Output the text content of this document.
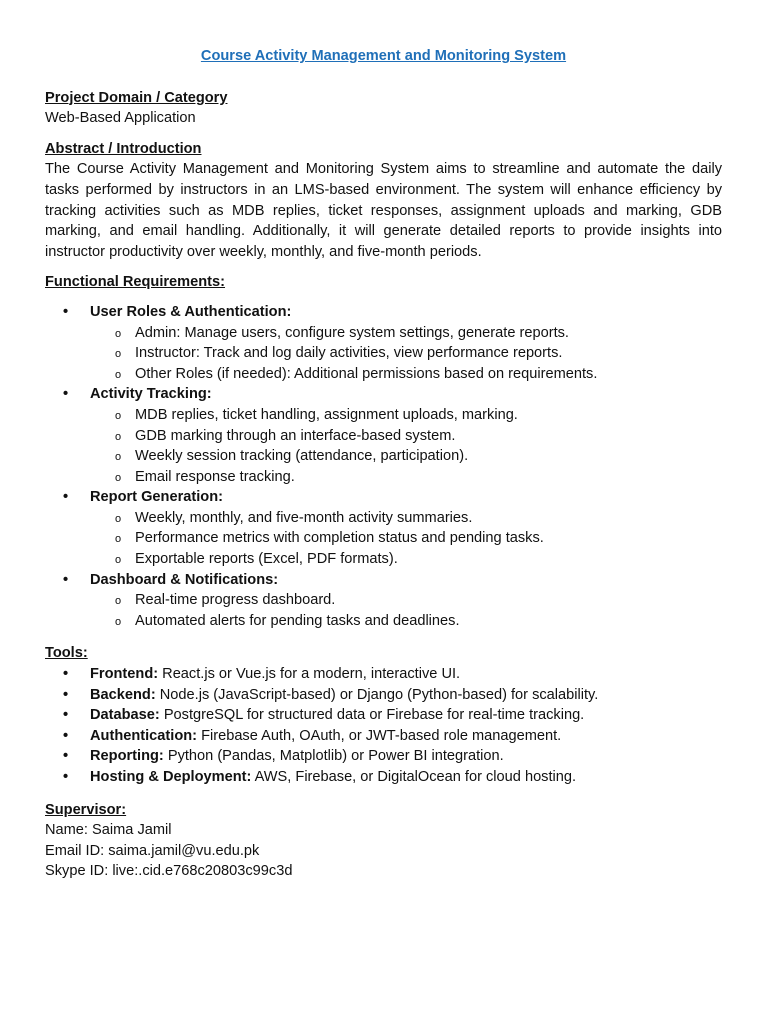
Course Activity Management and Monitoring System
Project Domain / Category
Web-Based Application
Abstract / Introduction
The Course Activity Management and Monitoring System aims to streamline and automate the daily tasks performed by instructors in an LMS-based environment. The system will enhance efficiency by tracking activities such as MDB replies, ticket responses, assignment uploads and marking, GDB marking, and email handling. Additionally, it will generate detailed reports to provide insights into instructor productivity over weekly, monthly, and five-month periods.
Functional Requirements:
• User Roles & Authentication:
o Admin: Manage users, configure system settings, generate reports.
o Instructor: Track and log daily activities, view performance reports.
o Other Roles (if needed): Additional permissions based on requirements.
• Activity Tracking:
o MDB replies, ticket handling, assignment uploads, marking.
o GDB marking through an interface-based system.
o Weekly session tracking (attendance, participation).
o Email response tracking.
• Report Generation:
o Weekly, monthly, and five-month activity summaries.
o Performance metrics with completion status and pending tasks.
o Exportable reports (Excel, PDF formats).
• Dashboard & Notifications:
o Real-time progress dashboard.
o Automated alerts for pending tasks and deadlines.
Tools:
• Frontend: React.js or Vue.js for a modern, interactive UI.
• Backend: Node.js (JavaScript-based) or Django (Python-based) for scalability.
• Database: PostgreSQL for structured data or Firebase for real-time tracking.
• Authentication: Firebase Auth, OAuth, or JWT-based role management.
• Reporting: Python (Pandas, Matplotlib) or Power BI integration.
• Hosting & Deployment: AWS, Firebase, or DigitalOcean for cloud hosting.
Supervisor:
Name: Saima Jamil
Email ID: saima.jamil@vu.edu.pk
Skype ID: live:.cid.e768c20803c99c3d
